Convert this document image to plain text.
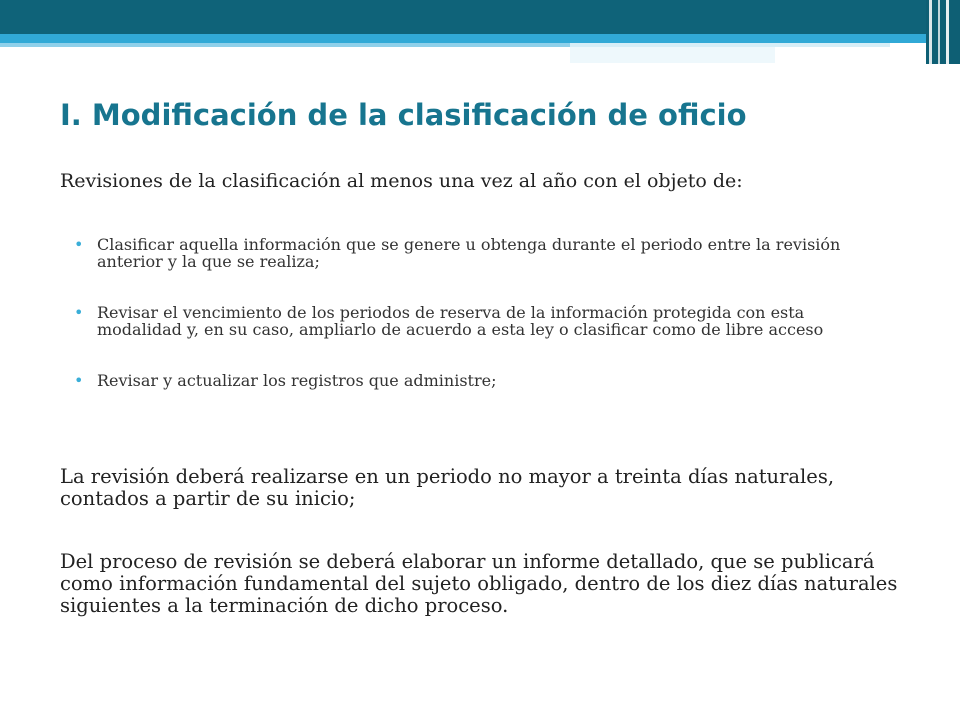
I. Modificación de la clasificación de oficio

Revisiones de la clasificación al menos una vez al año con el objeto de:

• Clasificar aquella información que se genere u obtenga durante el periodo entre la revisión anterior y la que se realiza;
• Revisar el vencimiento de los periodos de reserva de la información protegida con esta modalidad y, en su caso, ampliarlo de acuerdo a esta ley o clasificar como de libre acceso
• Revisar y actualizar los registros que administre;

La revisión deberá realizarse en un periodo no mayor a treinta días naturales, contados a partir de su inicio;

Del proceso de revisión se deberá elaborar un informe detallado, que se publicará como información fundamental del sujeto obligado, dentro de los diez días naturales siguientes a la terminación de dicho proceso.
